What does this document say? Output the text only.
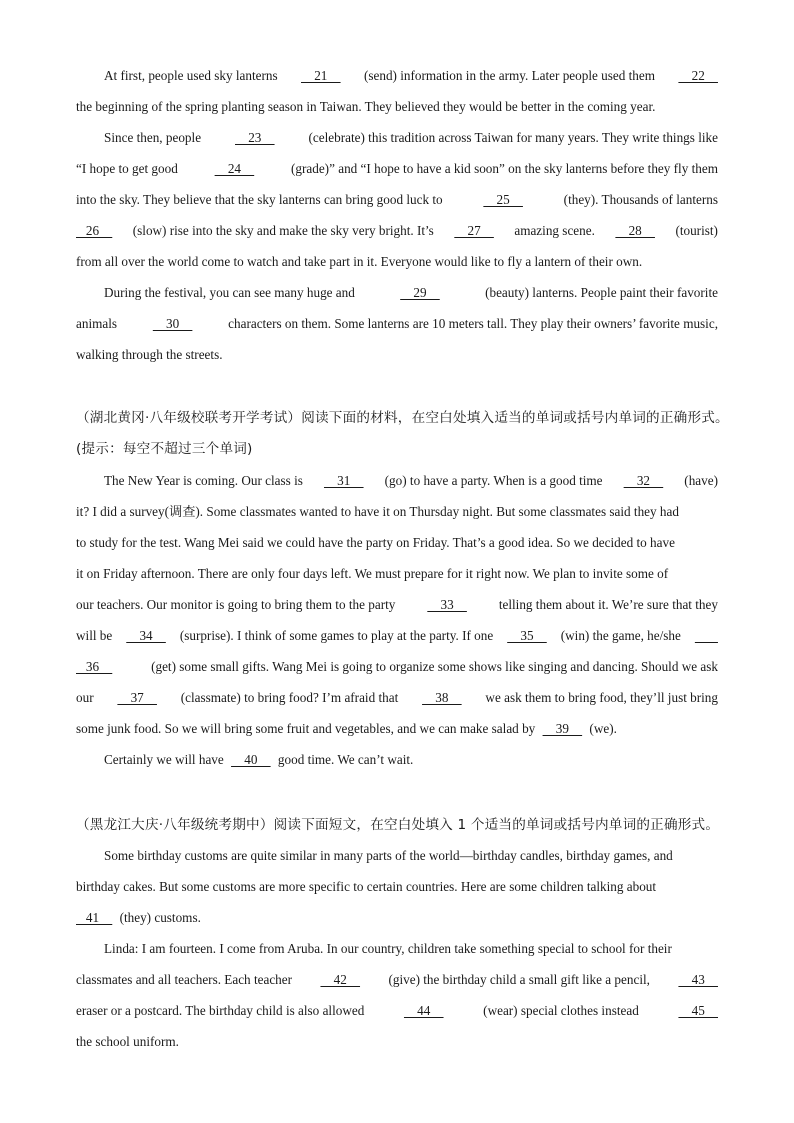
At first, people used sky lanterns 21 (send) information in the army. Later people used them 22
the beginning of the spring planting season in Taiwan. They believed they would be better in the coming year.
Since then, people 23 (celebrate) this tradition across Taiwan for many years. They write things like
“I hope to get good	24	(grade)” and “I hope to have a kid soon” on the sky lanterns before they fly them
into the sky. They believe that the sky lanterns can bring good luck to	25	(they). Thousands of lanterns
26 (slow) rise into the sky and make the sky very bright. It’s 27 amazing scene. 28 (tourist)
from all over the world come to watch and take part in it. Everyone would like to fly a lantern of their own.
During the festival, you can see many huge and	29	(beauty) lanterns. People paint their favorite
animals 30 characters on them. Some lanterns are 10 meters tall. They play their owners’ favorite music,
walking through the streets.
（湖北黄冈·八年级校联考开学考试）阅读下面的材料，在空白处填入适当的单词或括号内单词的正确形式。
(提示：每空不超过三个单词)
The New Year is coming. Our class is 31 (go) to have a party. When is a good time 32 (have)
it? I did a survey(调查). Some classmates wanted to have it on Thursday night. But some classmates said they had
to study for the test. Wang Mei said we could have the party on Friday. That’s a good idea. So we decided to have
it on Friday afternoon. There are only four days left. We must prepare for it right now. We plan to invite some of
our teachers. Our monitor is going to bring them to the party 33 telling them about it. We’re sure that they
will be 34 (surprise). I think of some games to play at the party. If one 35 (win) the game, he/she

36	(get) some small gifts. Wang Mei is going to organize some shows like singing and dancing. Should we ask
our 37 (classmate) to bring food? I’m afraid that 38 we ask them to bring food, they’ll just bring
some junk food. So we will bring some fruit and vegetables, and we can make salad by 39 (we).
Certainly we will have 40 good time. We can’t wait.
（黑龙江大庆·八年级统考期中）阅读下面短文，在空白处填入 1 个适当的单词或括号内单词的正确形式。
Some birthday customs are quite similar in many parts of the world—birthday candles, birthday games, and
birthday cakes. But some customs are more specific to certain countries. Here are some children talking about
41 (they) customs.
Linda: I am fourteen. I come from Aruba. In our country, children take something special to school for their
classmates and all teachers. Each teacher 42 (give) the birthday child a small gift like a pencil, 43
eraser or a postcard. The birthday child is also allowed	44	(wear) special clothes instead	45
the school uniform.
